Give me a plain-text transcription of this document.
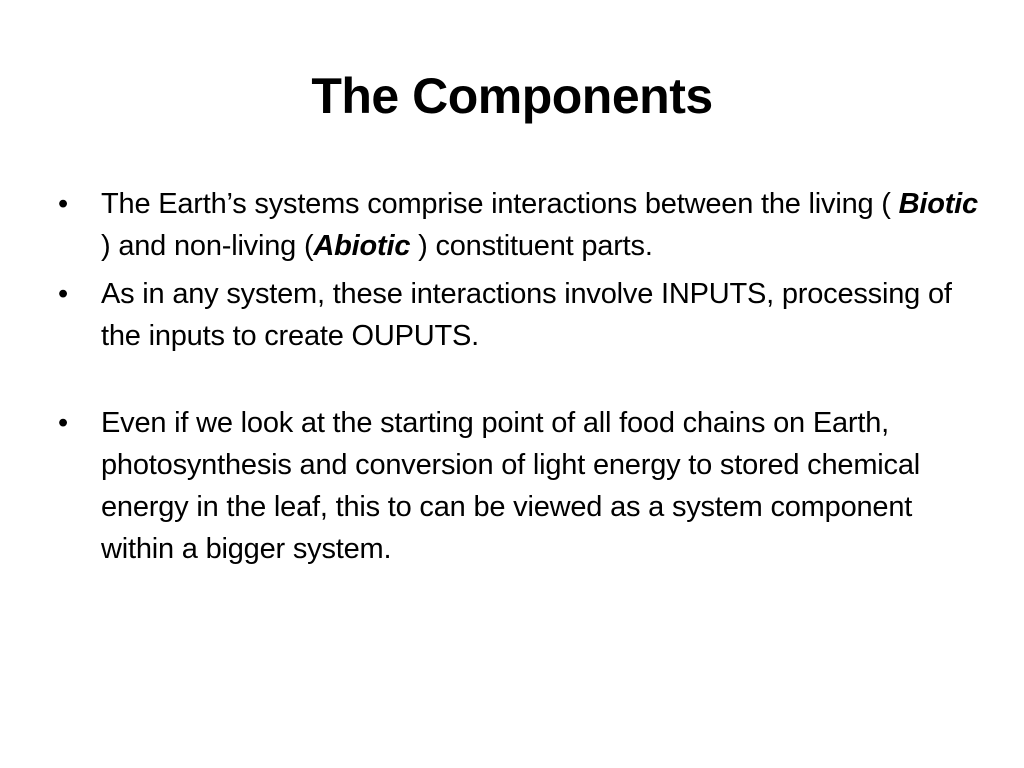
The Components
•	The Earth’s systems comprise interactions between the living ( Biotic ) and non-living (Abiotic ) constituent parts.
•	As in any system, these interactions involve INPUTS, processing of the inputs to create OUPUTS.
•	Even if we look at the starting point of all food chains on Earth, photosynthesis and conversion of light energy to stored chemical energy in the leaf, this to can be viewed as a system component within a bigger system.
